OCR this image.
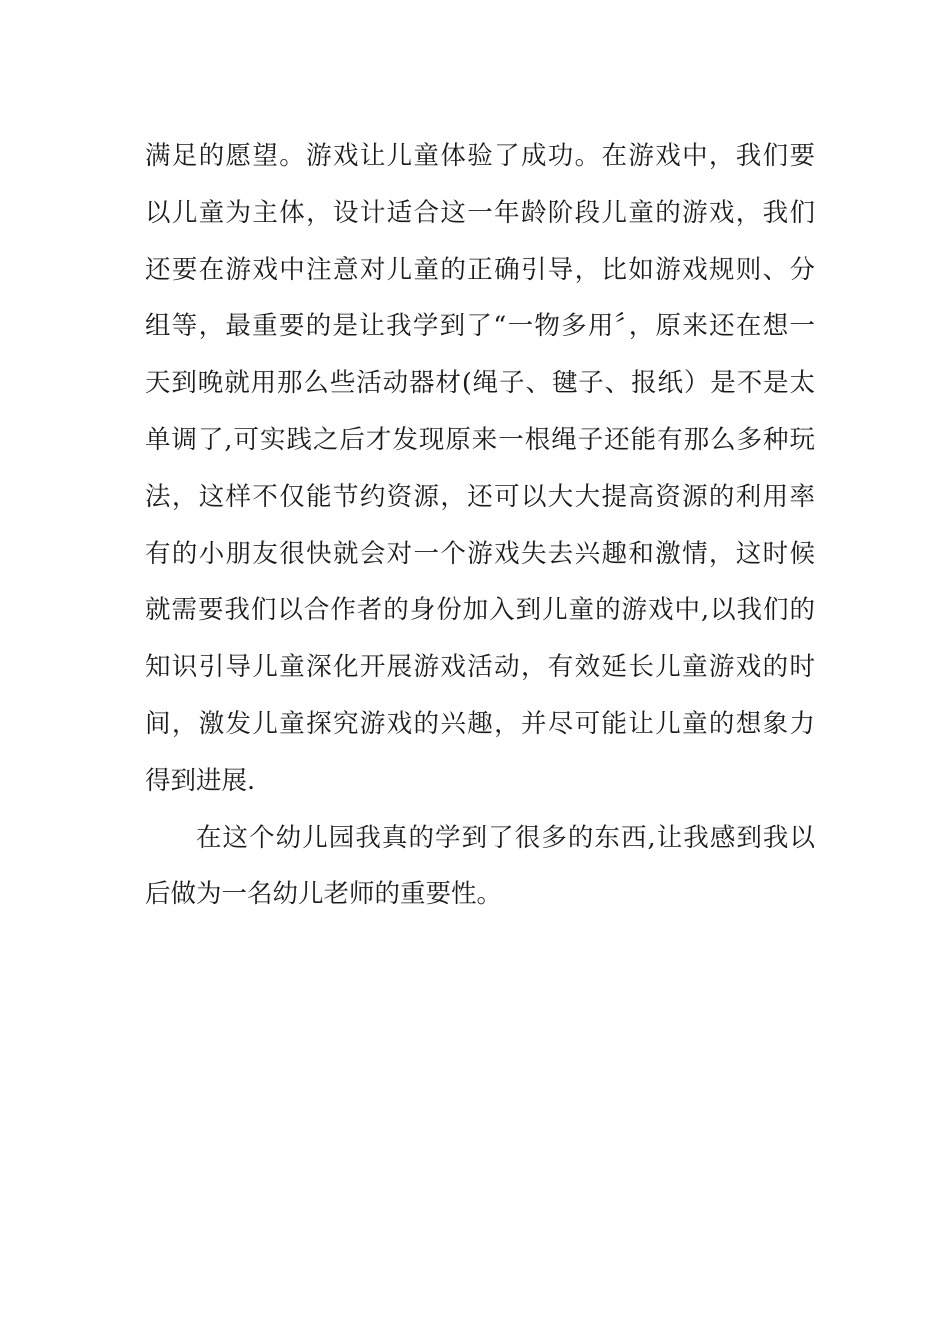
满足的愿望。游戏让儿童体验了成功。在游戏中，我们要
以儿童为主体，设计适合这一年龄阶段儿童的游戏，我们
还要在游戏中注意对儿童的正确引导，比如游戏规则、分
组等，最重要的是让我学到了“一物多用〞，原来还在想一
天到晚就用那么些活动器材(绳子、毽子、报纸）是不是太
单调了,可实践之后才发现原来一根绳子还能有那么多种玩
法，这样不仅能节约资源，还可以大大提高资源的利用率
有的小朋友很快就会对一个游戏失去兴趣和激情，这时候
就需要我们以合作者的身份加入到儿童的游戏中,以我们的
知识引导儿童深化开展游戏活动，有效延长儿童游戏的时
间，激发儿童探究游戏的兴趣，并尽可能让儿童的想象力
得到进展.
在这个幼儿园我真的学到了很多的东西,让我感到我以
后做为一名幼儿老师的重要性。
